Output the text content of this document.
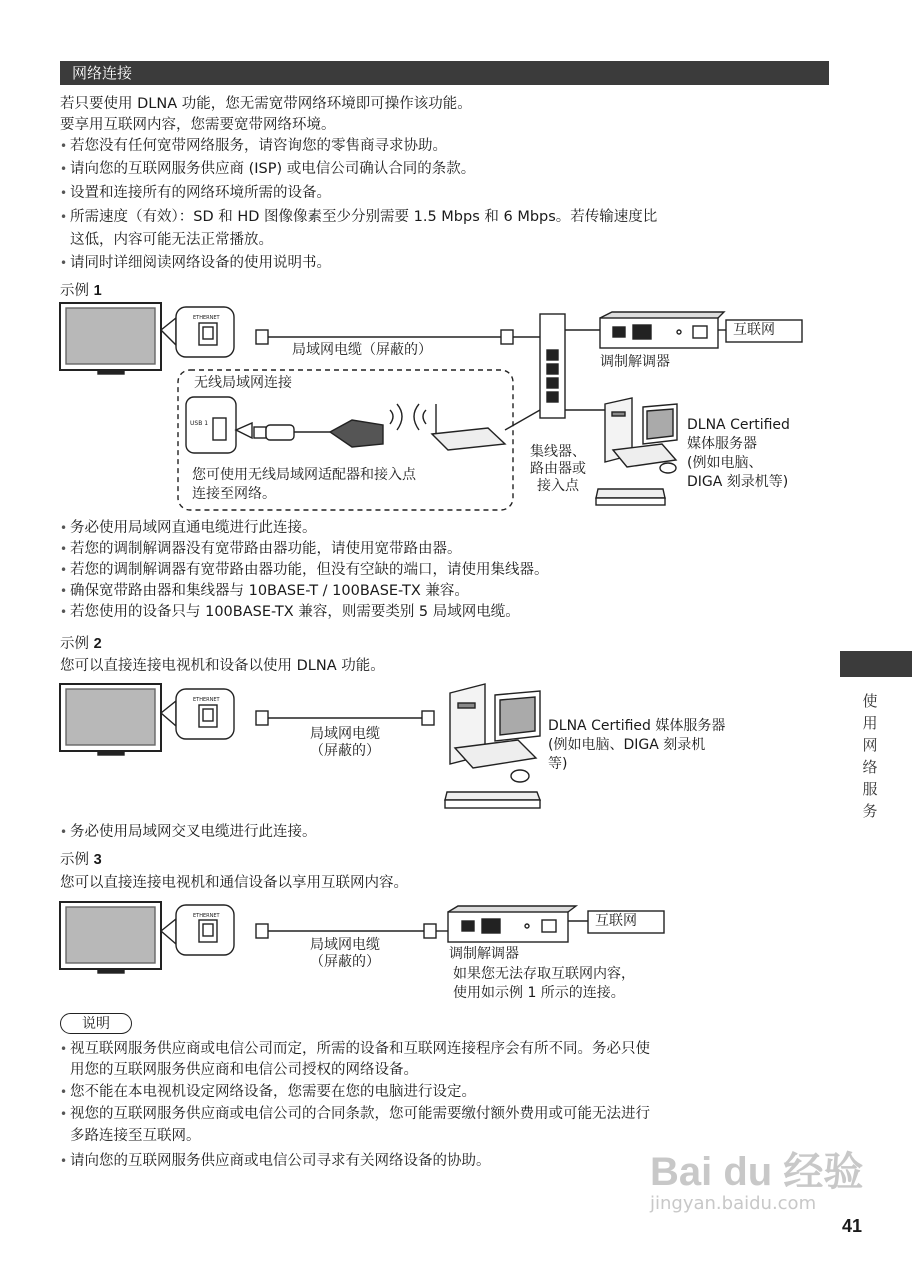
网络连接
若只要使用 DLNA 功能，您无需宽带网络环境即可操作该功能。
要享用互联网内容，您需要宽带网络环境。
• 若您没有任何宽带网络服务，请咨询您的零售商寻求协助。
• 请向您的互联网服务供应商 (ISP) 或电信公司确认合同的条款。
• 设置和连接所有的网络环境所需的设备。
• 所需速度（有效）：SD 和 HD 图像像素至少分别需要 1.5 Mbps 和 6 Mbps。若传输速度比
这低，内容可能无法正常播放。
• 请同时详细阅读网络设备的使用说明书。
示例 1
ETHERNET
局域网电缆（屏蔽的）
调制解调器
互联网
无线局域网连接
USB 1
您可使用无线局域网适配器和接入点
连接至网络。
集线器、
路由器或
接入点
DLNA Certified
媒体服务器
(例如电脑、
DIGA 刻录机等)
• 务必使用局域网直通电缆进行此连接。
• 若您的调制解调器没有宽带路由器功能，请使用宽带路由器。
• 若您的调制解调器有宽带路由器功能，但没有空缺的端口，请使用集线器。
• 确保宽带路由器和集线器与 10BASE-T / 100BASE-TX 兼容。
• 若您使用的设备只与 100BASE-TX 兼容，则需要类别 5 局域网电缆。
示例 2
您可以直接连接电视机和设备以使用 DLNA 功能。
ETHERNET
局域网电缆
（屏蔽的）
DLNA Certified 媒体服务器
(例如电脑、DIGA 刻录机
等)
• 务必使用局域网交叉电缆进行此连接。
示例 3
您可以直接连接电视机和通信设备以享用互联网内容。
ETHERNET
局域网电缆
（屏蔽的）	调制解调器
互联网
如果您无法存取互联网内容，
使用如示例 1 所示的连接。
说明
• 视互联网服务供应商或电信公司而定，所需的设备和互联网连接程序会有所不同。务必只使
用您的互联网服务供应商和电信公司授权的网络设备。
• 您不能在本电视机设定网络设备，您需要在您的电脑进行设定。
• 视您的互联网服务供应商或电信公司的合同条款，您可能需要缴付额外费用或可能无法进行
多路连接至互联网。
• 请向您的互联网服务供应商或电信公司寻求有关网络设备的协助。
使用网络服务
Bai du 经验
jingyan.baidu.com
41
